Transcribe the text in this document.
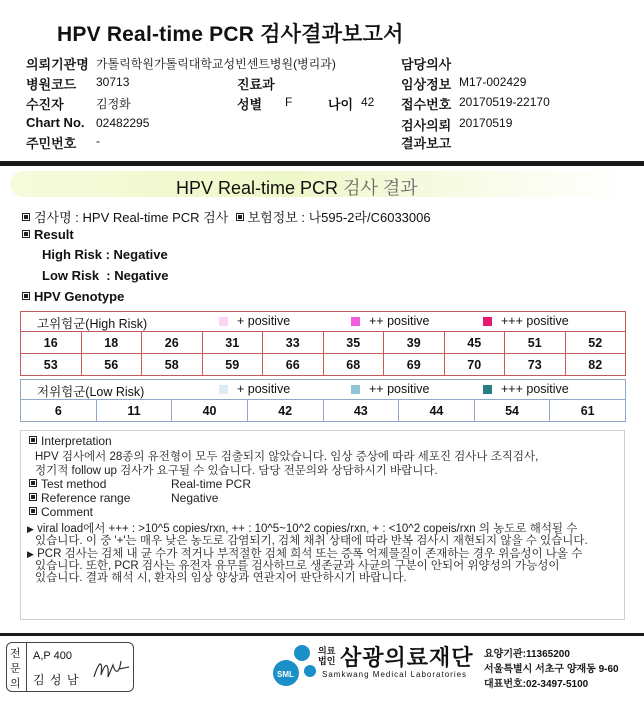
HPV Real-time PCR 검사결과보고서
의뢰기관명 가톨릭학원가톨릭대학교성빈센트병원(병리과)	담당의사
병원코드 30713	진료과	임상정보 M17-002429
수진자	김정화	성별 F	나이 42 접수번호 20170519-22170
Chart No. 02482295	검사의뢰 20170519
주민번호 -	결과보고
HPV Real-time PCR 검사 결과
검사명 : HPV Real-time PCR 검사 보험정보 : 나595-2라/C6033006
Result
High Risk : Negative
Low Risk  : Negative
HPV Genotype
고위험군(High Risk)	+ positive	++ positive	+++ positive
16	18	26	31	33	35	39	45	51	52
53	56	58	59	66	68	69	70	73	82
저위험군(Low Risk)	+ positive	++ positive	+++ positive
6	11	40	42	43	44	54	61
Interpretation
HPV 검사에서 28종의 유전형이 모두 검출되지 않았습니다. 임상 증상에 따라 세포진 검사나 조직검사,
정기적 follow up 검사가 요구될 수 있습니다. 담당 전문의와 상담하시기 바랍니다.
Test method	Real-time PCR
Reference range	Negative
Comment
▶ viral load에서 +++ : >10^5 copies/rxn, ++ : 10^5~10^2 copies/rxn, + : <10^2 copeis/rxn 의 농도로 해석될 수
있습니다. 이 중 '+'는 매우 낮은 농도로 감염되기, 검체 채취 상태에 따라 반복 검사시 재현되지 않을 수 있습니다.
▶ PCR 검사는 검체 내 균 수가 적거나 부적절한 검체 희석 또는 증폭 억제물질이 존재하는 경우 위음성이 나올 수
있습니다. 또한, PCR 검사는 유전자 유무를 검사하므로 생존균과 사균의 구분이 안되어 위양성의 가능성이
있습니다. 결과 해석 시, 환자의 임상 양상과 연관지어 판단하시기 바랍니다.
전
문
의
A,P 400
김 성 남	SML
의료
법인 삼광의료재단
Samkwang Medical Laboratories
요양기관:11365200
서울특별시 서초구 양재동 9-60
대표번호:02-3497-5100
